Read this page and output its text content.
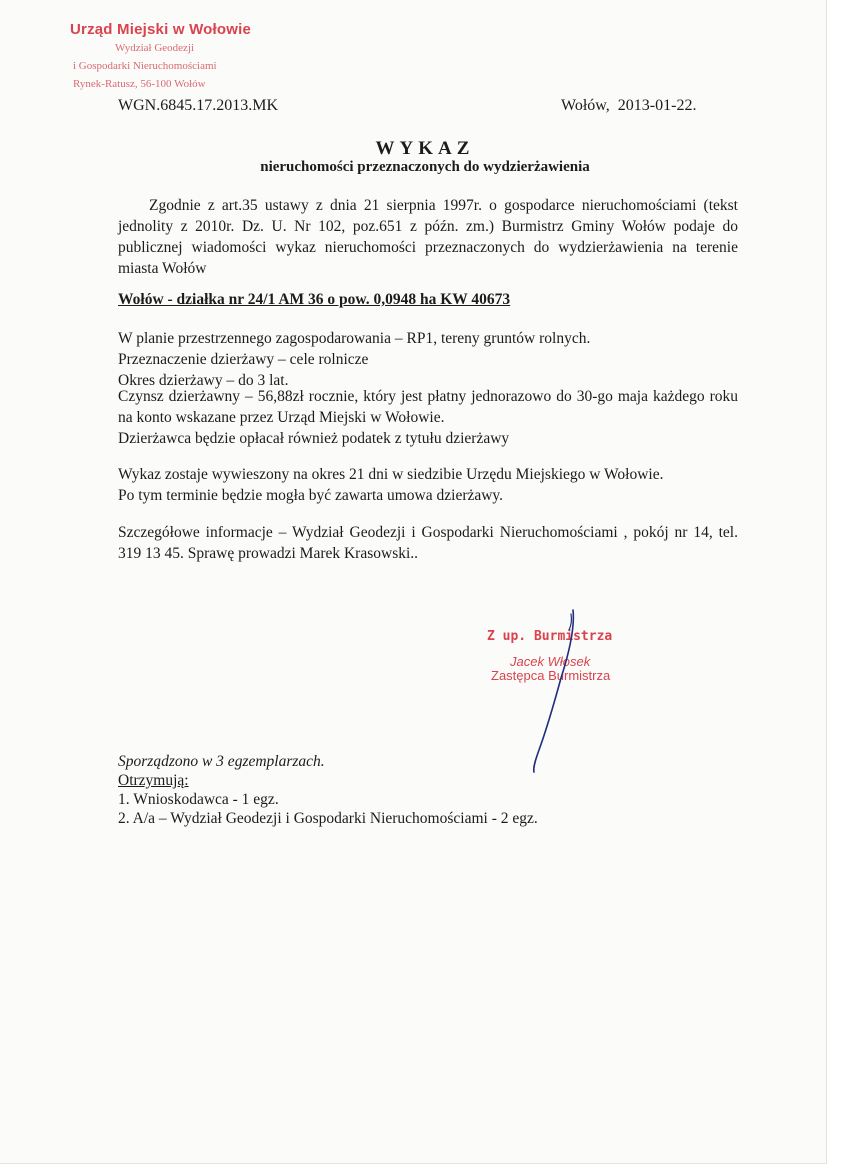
Urząd Miejski w Wołowie
Wydział Geodezji
i Gospodarki Nieruchomościami
Rynek-Ratusz, 56-100 Wołów
WGN.6845.17.2013.MK	Wołów,  2013-01-22.
WYKAZ
nieruchomości przeznaczonych do wydzierżawienia
Zgodnie z art.35 ustawy z dnia 21 sierpnia 1997r. o gospodarce nieruchomościami (tekst jednolity z 2010r. Dz. U. Nr 102, poz.651 z późn. zm.) Burmistrz Gminy Wołów podaje do publicznej wiadomości wykaz nieruchomości przeznaczonych do wydzierżawienia na terenie miasta Wołów
Wołów - działka nr 24/1 AM 36 o pow. 0,0948 ha KW 40673
W planie przestrzennego zagospodarowania – RP1, tereny gruntów rolnych.
Przeznaczenie dzierżawy – cele rolnicze
Okres dzierżawy – do 3 lat.
Czynsz dzierżawny – 56,88zł rocznie, który jest płatny jednorazowo do 30-go maja każdego roku na konto wskazane przez Urząd Miejski w Wołowie.
Dzierżawca będzie opłacał również podatek z tytułu dzierżawy
Wykaz zostaje wywieszony na okres 21 dni w siedzibie Urzędu Miejskiego w Wołowie.
Po tym terminie będzie mogła być zawarta umowa dzierżawy.
Szczegółowe informacje – Wydział Geodezji i Gospodarki Nieruchomościami , pokój nr 14, tel. 319 13 45. Sprawę prowadzi Marek Krasowski..
Z up. Burmistrza
Jacek Włosek
Zastępca Burmistrza
Sporządzono w 3 egzemplarzach.
Otrzymują:
1. Wnioskodawca - 1 egz.
2. A/a – Wydział Geodezji i Gospodarki Nieruchomościami - 2 egz.
